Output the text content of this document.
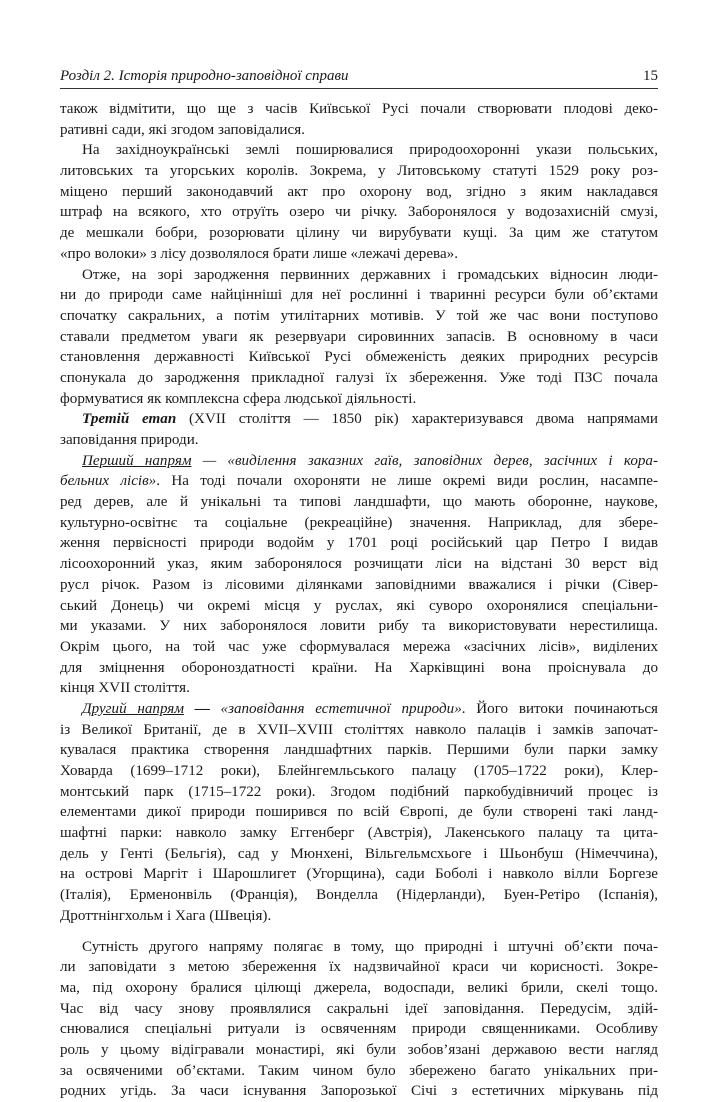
Розділ 2. Історія природно-заповідної справи	15
також відмітити, що ще з часів Київської Русі почали створювати плодові деко-
ративні сади, які згодом заповідалися.
На західноукраїнські землі поширювалися природоохоронні укази польських,
литовських та угорських королів. Зокрема, у Литовському статуті 1529 року роз-
міщено перший законодавчий акт про охорону вод, згідно з яким накладався
штраф на всякого, хто отруїть озеро чи річку. Заборонялося у водозахисній смузі,
де мешкали бобри, розорювати цілину чи вирубувати кущі. За цим же статутом
«про волоки» з лісу дозволялося брати лише «лежачі дерева».
Отже, на зорі зародження первинних державних і громадських відносин люди-
ни до природи саме найцінніші для неї рослинні і тваринні ресурси були об’єктами
спочатку сакральних, а потім утилітарних мотивів. У той же час вони поступово
ставали предметом уваги як резервуари сировинних запасів. В основному в часи
становлення державності Київської Русі обмеженість деяких природних ресурсів
спонукала до зародження прикладної галузі їх збереження. Уже тоді ПЗС почала
формуватися як комплексна сфера людської діяльності.
Третій етап (XVII століття — 1850 рік) характеризувався двома напрямами
заповідання природи.
Перший напрям — «виділення заказних гаїв, заповідних дерев, засічних і кора-
бельних лісів». На тоді почали охороняти не лише окремі види рослин, насампе-
ред дерев, але й унікальні та типові ландшафти, що мають оборонне, наукове,
культурно-освітнє та соціальне (рекреаційне) значення. Наприклад, для збере-
ження первісності природи водойм у 1701 році російський цар Петро I видав
лісоохоронний указ, яким заборонялося розчищати ліси на відстані 30 верст від
русл річок. Разом із лісовими ділянками заповідними вважалися і річки (Сівер-
ський Донець) чи окремі місця у руслах, які суворо охоронялися спеціальни-
ми указами. У них заборонялося ловити рибу та використовувати нерестилища.
Окрім цього, на той час уже сформувалася мережа «засічних лісів», виділених
для зміцнення обороноздатності країни. На Харківщині вона проіснувала до
кінця XVII століття.
Другий напрям — «заповідання естетичної природи». Його витоки починаються
із Великої Британії, де в XVII–XVIII століттях навколо палаців і замків започат-
кувалася практика створення ландшафтних парків. Першими були парки замку
Ховарда (1699–1712 роки), Блейнгемльського палацу (1705–1722 роки), Клер-
монтський парк (1715–1722 роки). Згодом подібний паркобудівничий процес із
елементами дикої природи поширився по всій Європі, де були створені такі ланд-
шафтні парки: навколо замку Еггенберг (Австрія), Лакенського палацу та цита-
дель у Генті (Бельгія), сад у Мюнхені, Вільгельмсхьоге і Шьонбуш (Німеччина),
на острові Маргіт і Шарошлигет (Угорщина), сади Боболі і навколо вілли Боргезе
(Італія), Ерменонвіль (Франція), Вонделла (Нідерланди), Буен-Ретіро (Іспанія),
Дроттнінгхольм і Хага (Швеція).
Сутність другого напряму полягає в тому, що природні і штучні об’єкти поча-
ли заповідати з метою збереження їх надзвичайної краси чи корисності. Зокре-
ма, під охорону бралися цілющі джерела, водоспади, великі брили, скелі тощо.
Час від часу знову проявлялися сакральні ідеї заповідання. Передусім, здій-
снювалися спеціальні ритуали із освяченням природи священниками. Особливу
роль у цьому відігравали монастирі, які були зобов’язані державою вести нагляд
за освяченими об’єктами. Таким чином було збережено багато унікальних при-
родних угідь. За часи існування Запорозької Січі з естетичних міркувань під
